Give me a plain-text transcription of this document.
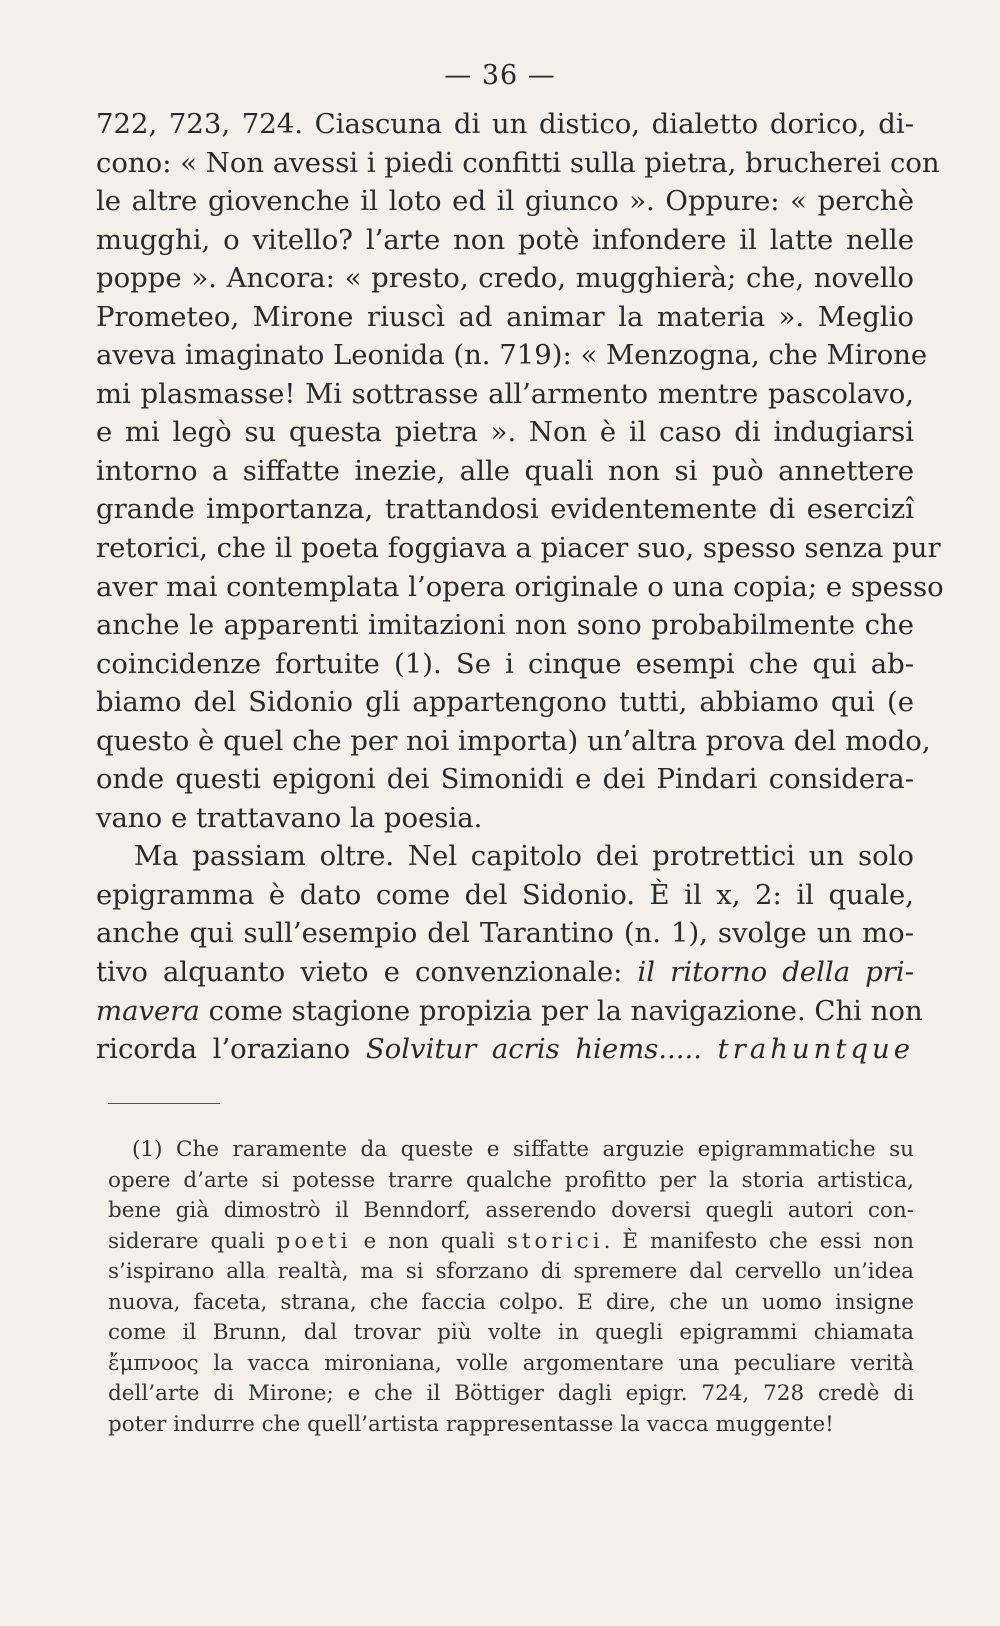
— 36 —
722, 723, 724. Ciascuna di un distico, dialetto dorico, di-
cono: « Non avessi i piedi confitti sulla pietra, brucherei con
le altre giovenche il loto ed il giunco ». Oppure: « perchè
mugghi, o vitello? l’arte non potè infondere il latte nelle
poppe ». Ancora: « presto, credo, mugghierà; che, novello
Prometeo, Mirone riuscì ad animar la materia ». Meglio
aveva imaginato Leonida (n. 719): « Menzogna, che Mirone
mi plasmasse! Mi sottrasse all’armento mentre pascolavo,
e mi legò su questa pietra ». Non è il caso di indugiarsi
intorno a siffatte inezie, alle quali non si può annettere
grande importanza, trattandosi evidentemente di esercizî
retorici, che il poeta foggiava a piacer suo, spesso senza pur
aver mai contemplata l’opera originale o una copia; e spesso
anche le apparenti imitazioni non sono probabilmente che
coincidenze fortuite (1). Se i cinque esempi che qui ab-
biamo del Sidonio gli appartengono tutti, abbiamo qui (e
questo è quel che per noi importa) un’altra prova del modo,
onde questi epigoni dei Simonidi e dei Pindari considera-
vano e trattavano la poesia.
Ma passiam oltre. Nel capitolo dei protrettici un solo
epigramma è dato come del Sidonio. È il x, 2: il quale,
anche qui sull’esempio del Tarantino (n. 1), svolge un mo-
tivo alquanto vieto e convenzionale: il ritorno della pri-
mavera come stagione propizia per la navigazione. Chi non
ricorda l’oraziano Solvitur acris hiems..... trahuntque
(1) Che raramente da queste e siffatte arguzie epigrammatiche su
opere d’arte si potesse trarre qualche profitto per la storia artistica,
bene già dimostrò il Benndorf, asserendo doversi quegli autori con-
siderare quali poeti e non quali storici. È manifesto che essi non
s’ispirano alla realtà, ma si sforzano di spremere dal cervello un’idea
nuova, faceta, strana, che faccia colpo. E dire, che un uomo insigne
come il Brunn, dal trovar più volte in quegli epigrammi chiamata
ἔμπνοος la vacca mironiana, volle argomentare una peculiare verità
dell’arte di Mirone; e che il Böttiger dagli epigr. 724, 728 credè di
poter indurre che quell’artista rappresentasse la vacca muggente!
